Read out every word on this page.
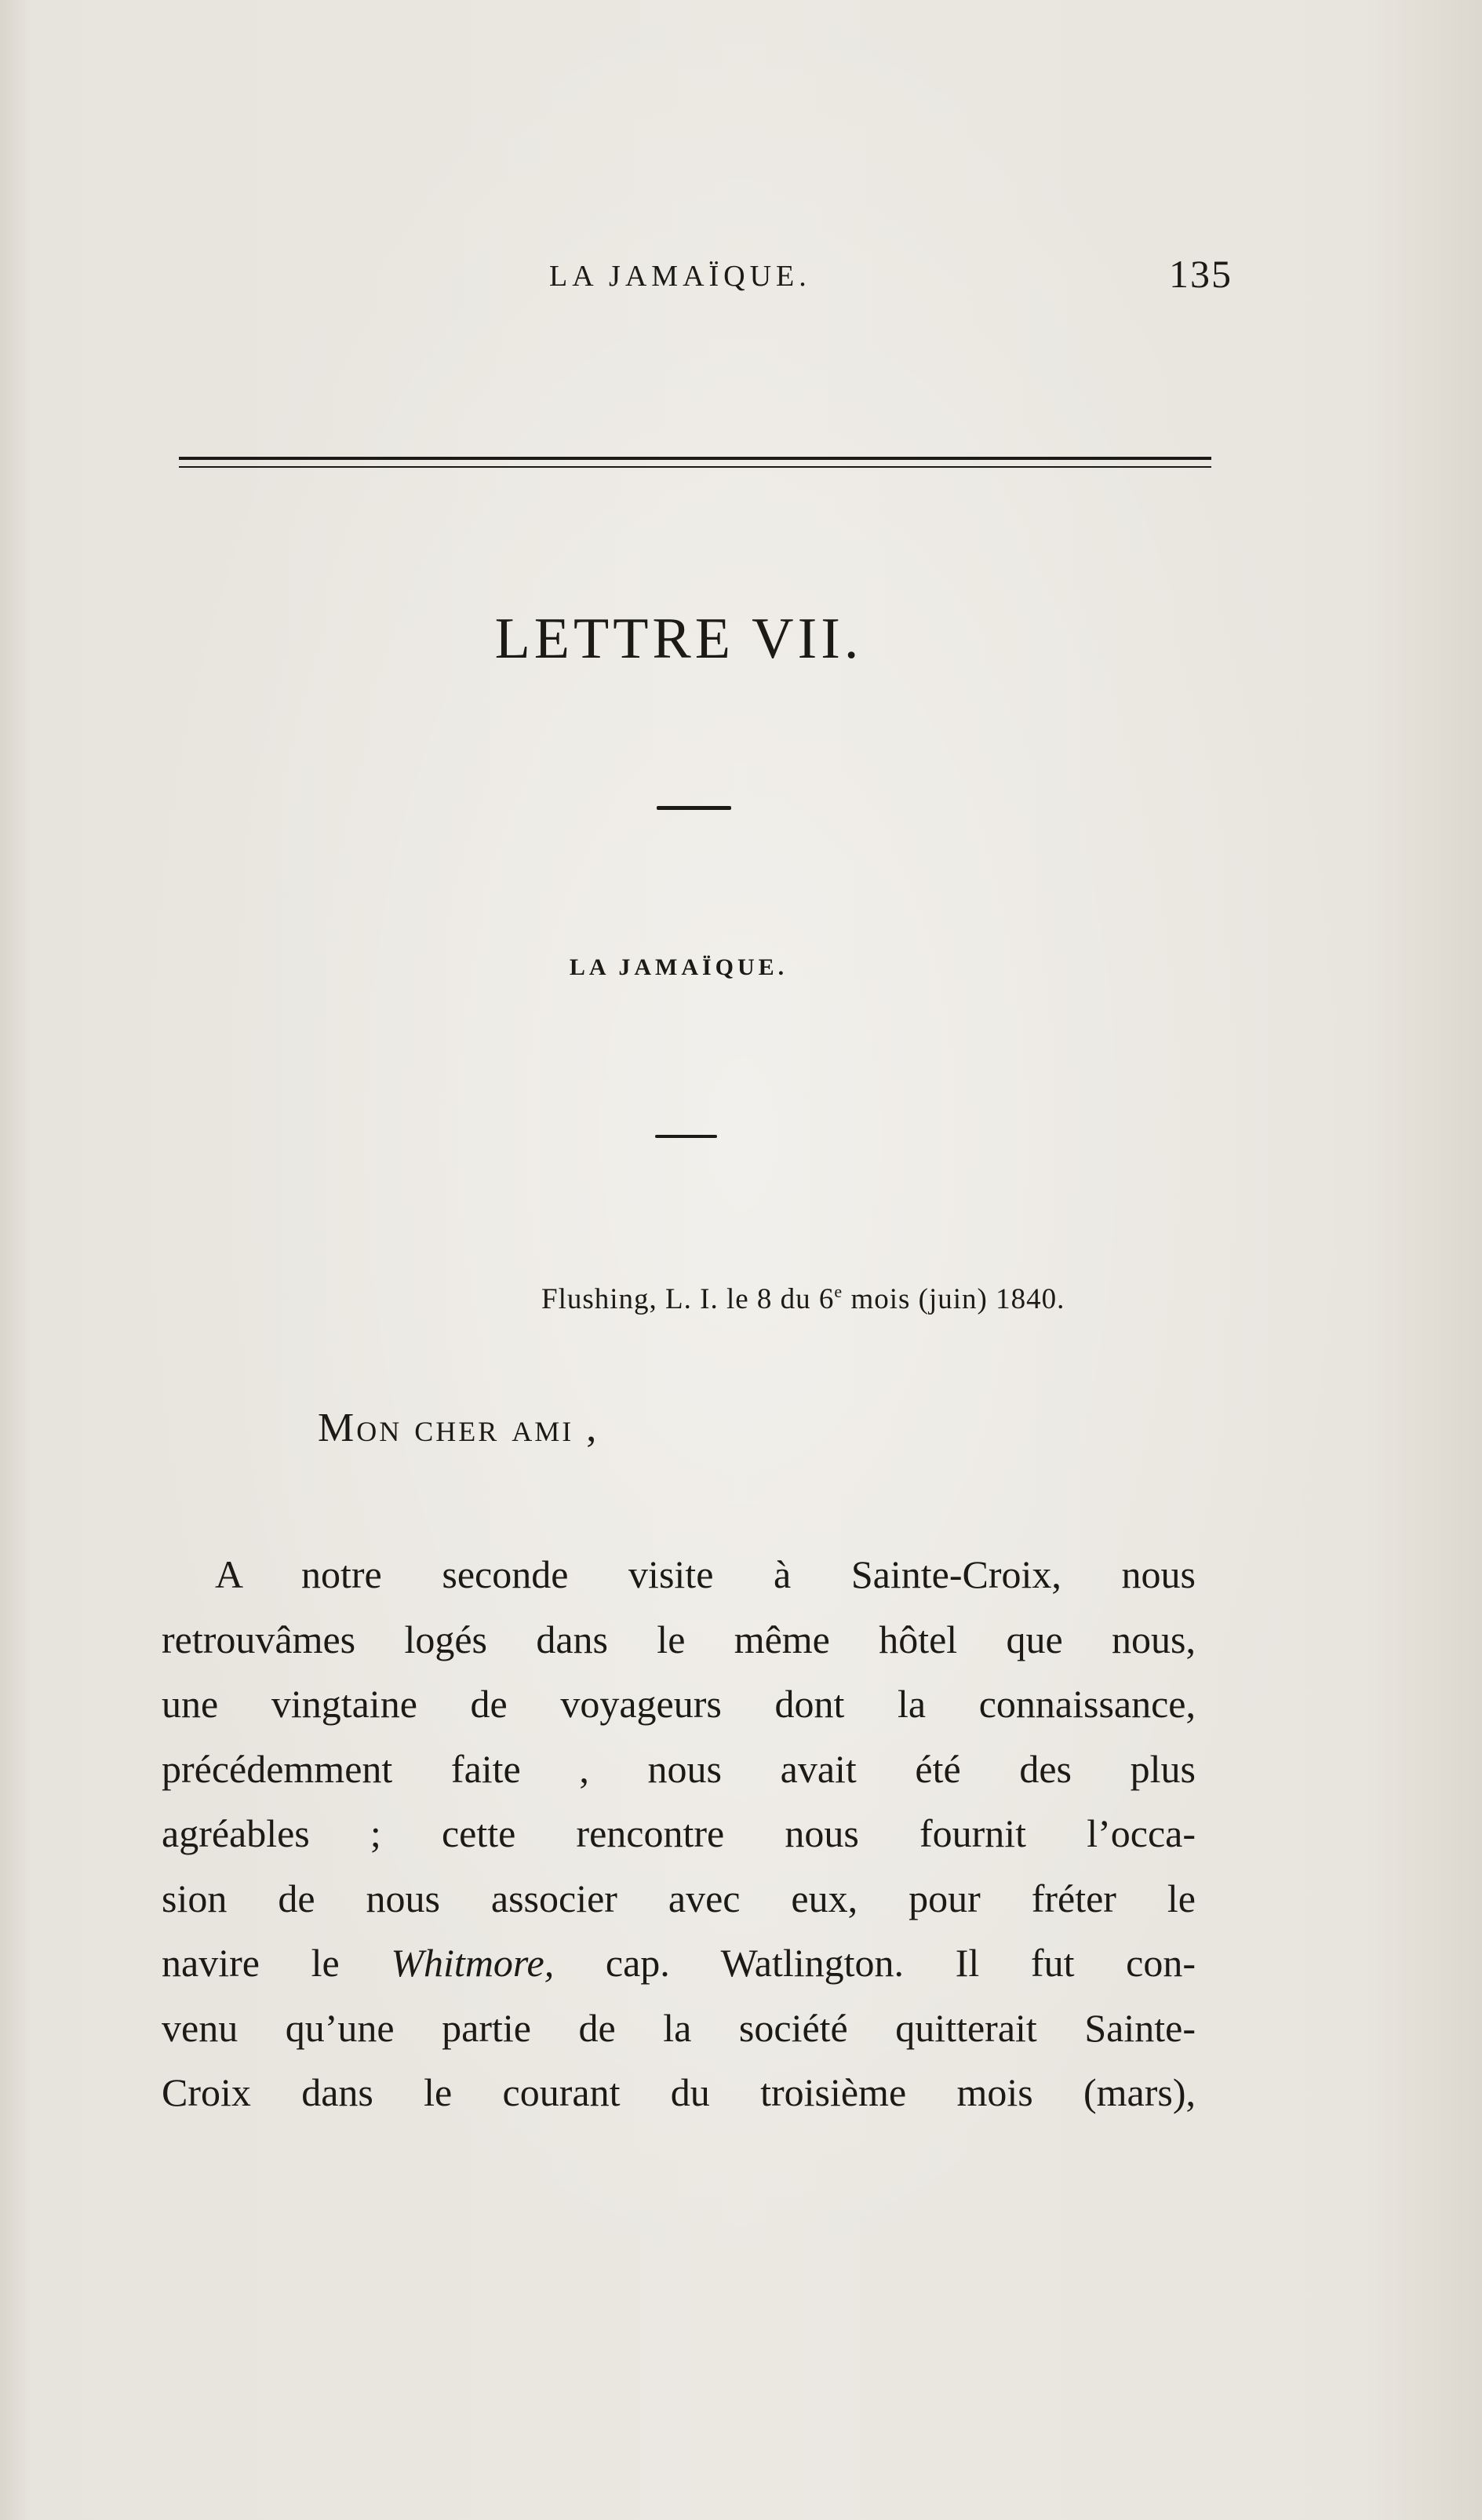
LA JAMAÏQUE.	135
LETTRE VII.
LA JAMAÏQUE.
Flushing, L. I. le 8 du 6e mois (juin) 1840.
Mon cher ami ,
A notre seconde visite à Sainte-Croix, nous
retrouvâmes logés dans le même hôtel que nous,
une vingtaine de voyageurs dont la connaissance,
précédemment faite , nous avait été des plus
agréables ; cette rencontre nous fournit l’occa-
sion de nous associer avec eux, pour fréter le
navire le Whitmore, cap. Watlington. Il fut con-
venu qu’une partie de la société quitterait Sainte-
Croix dans le courant du troisième mois (mars),
